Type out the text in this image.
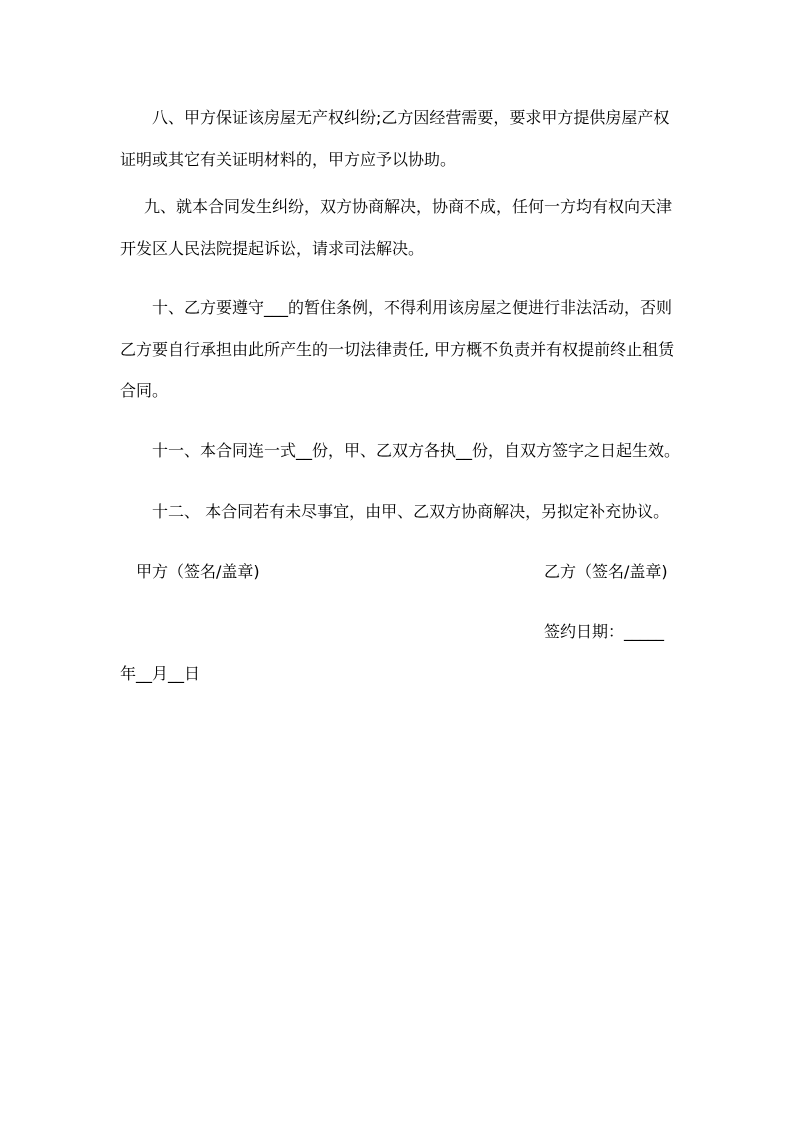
八、甲方保证该房屋无产权纠纷;乙方因经营需要，要求甲方提供房屋产权
证明或其它有关证明材料的，甲方应予以协助。
九、就本合同发生纠纷，双方协商解决，协商不成，任何一方均有权向天津
开发区人民法院提起诉讼，请求司法解决。
十、乙方要遵守___的暂住条例，不得利用该房屋之便进行非法活动，否则
乙方要自行承担由此所产生的一切法律责任, 甲方概不负责并有权提前终止租赁
合同。
十一、本合同连一式__份，甲、乙双方各执__份，自双方签字之日起生效。
十二、 本合同若有未尽事宜，由甲、乙双方协商解决，另拟定补充协议。
甲方（签名/盖章)	乙方（签名/盖章)
签约日期：_____
年__月__日
